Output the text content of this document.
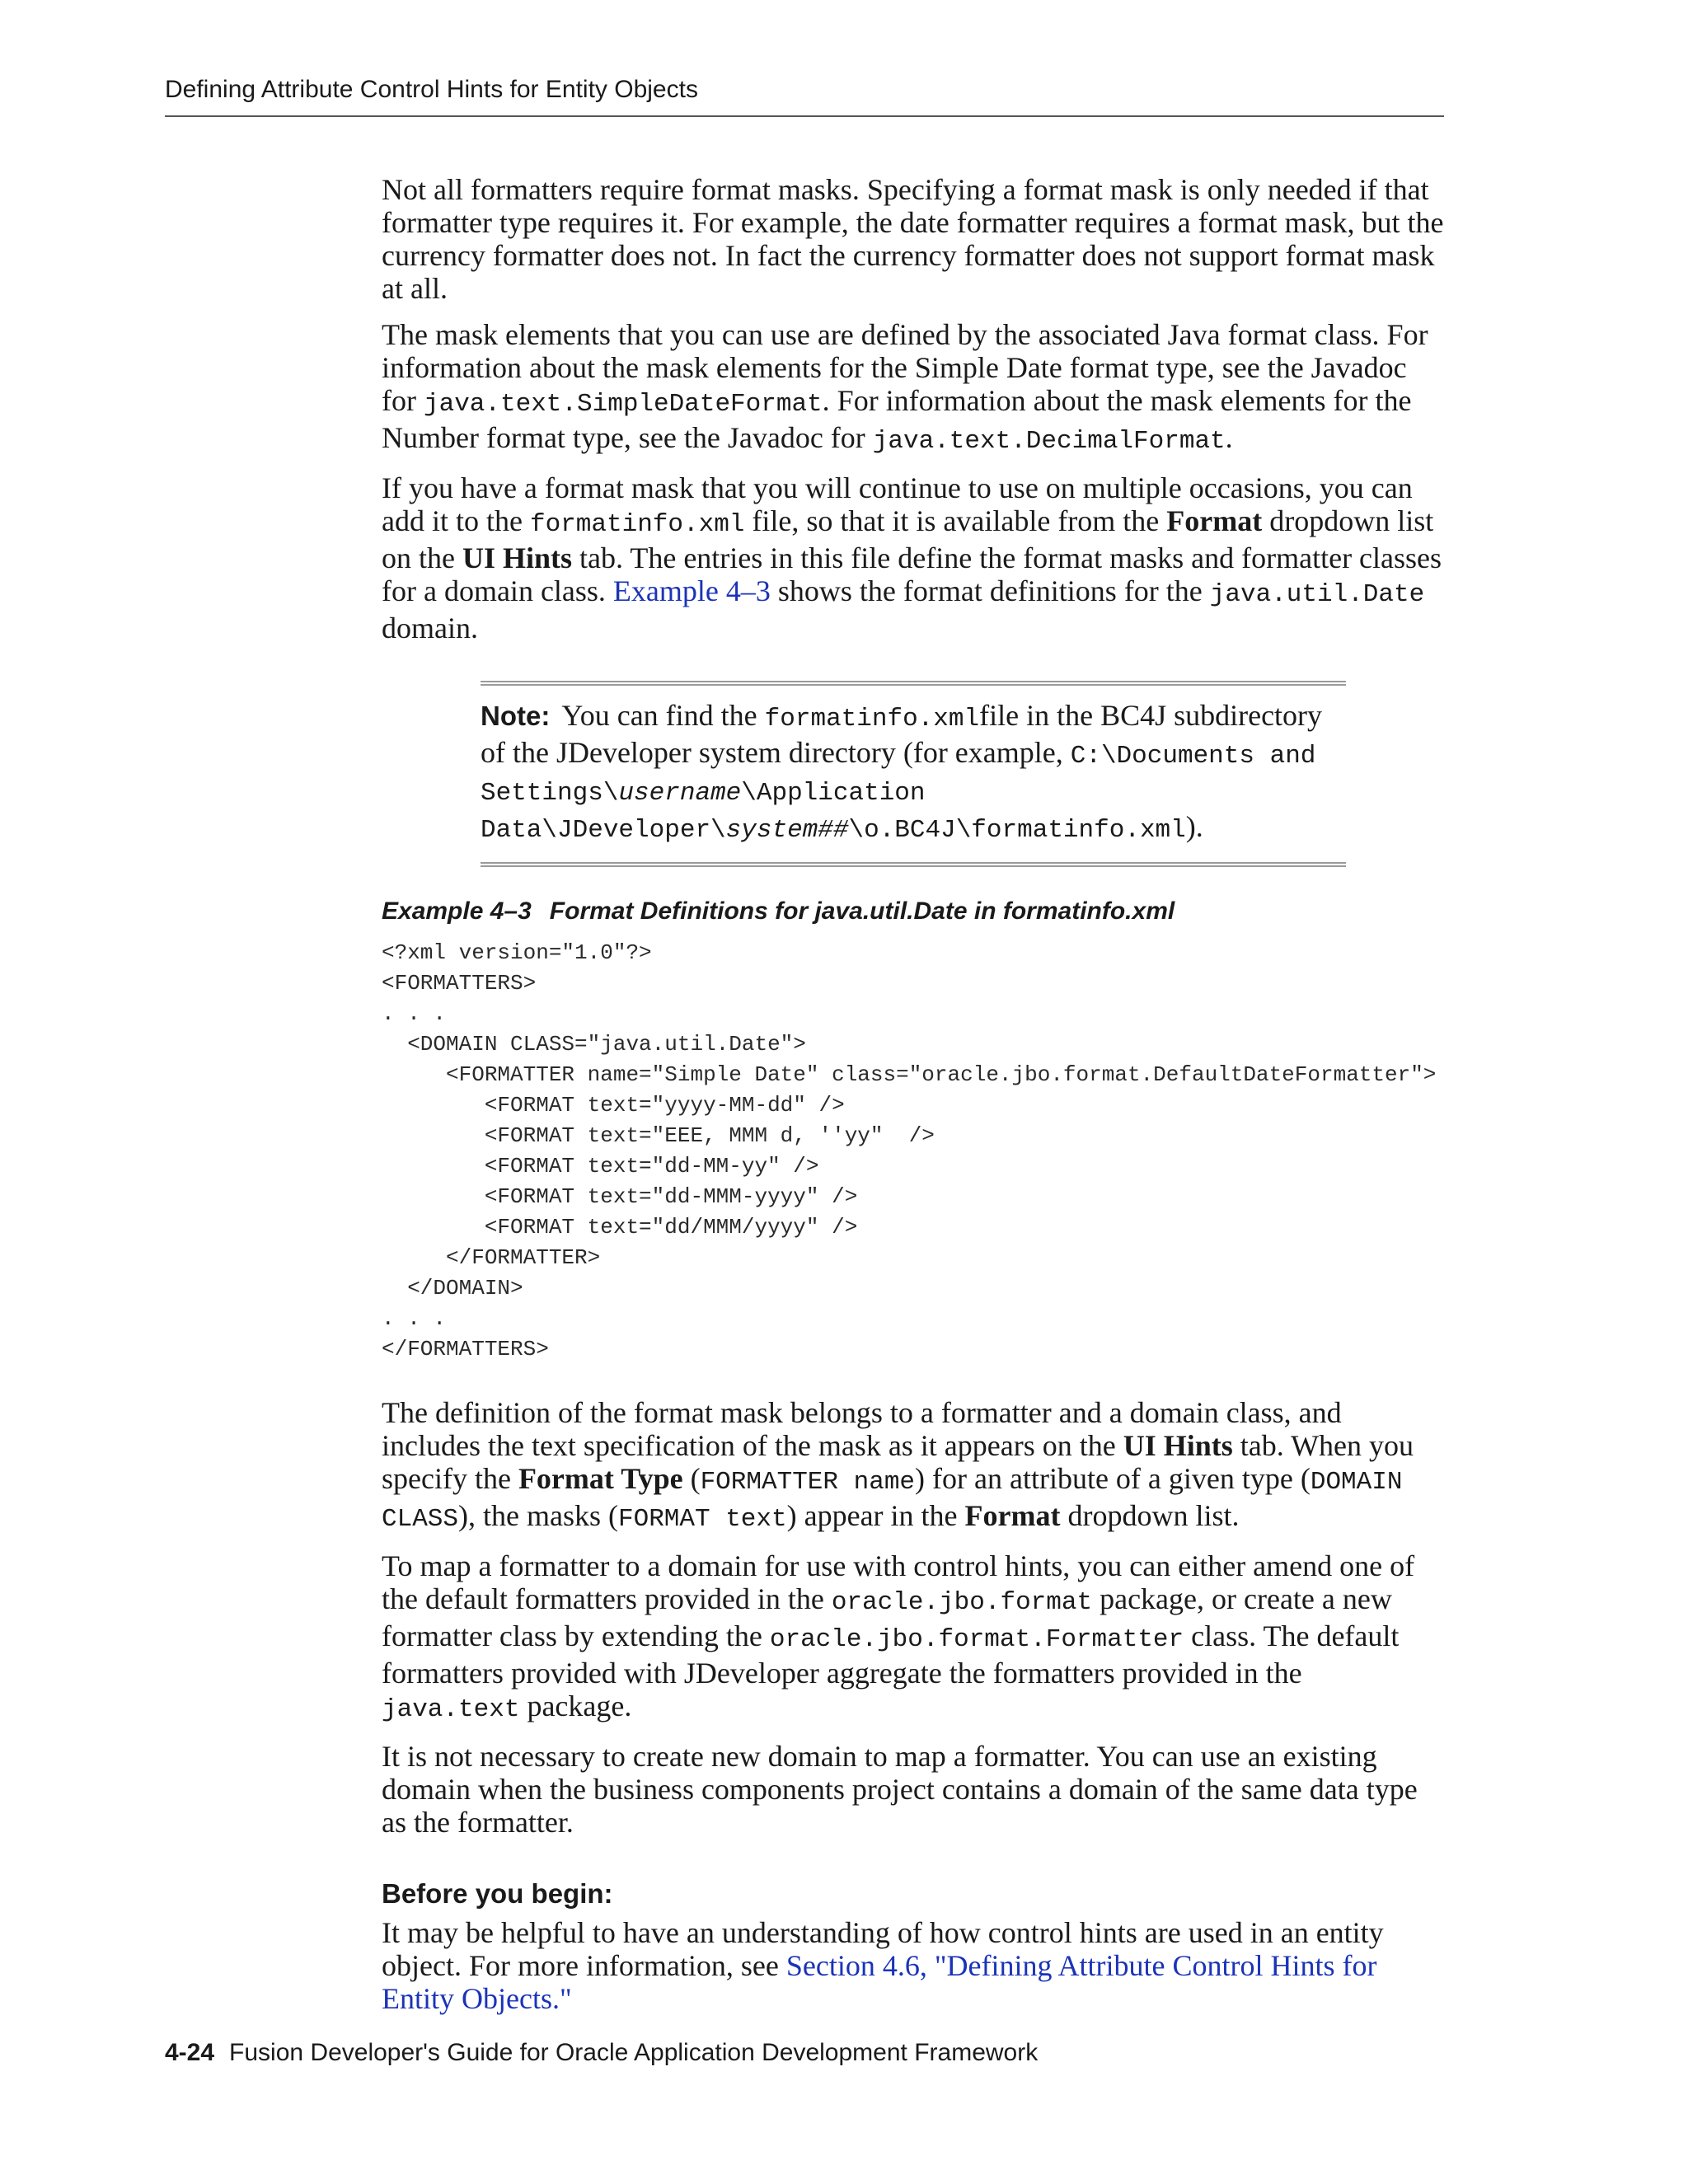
Defining Attribute Control Hints for Entity Objects

Not all formatters require format masks. Specifying a format mask is only needed if that formatter type requires it. For example, the date formatter requires a format mask, but the currency formatter does not. In fact the currency formatter does not support format mask at all.

The mask elements that you can use are defined by the associated Java format class. For information about the mask elements for the Simple Date format type, see the Javadoc for java.text.SimpleDateFormat. For information about the mask elements for the Number format type, see the Javadoc for java.text.DecimalFormat.

If you have a format mask that you will continue to use on multiple occasions, you can add it to the formatinfo.xml file, so that it is available from the Format dropdown list on the UI Hints tab. The entries in this file define the format masks and formatter classes for a domain class. Example 4–3 shows the format definitions for the java.util.Date domain.

Note: You can find the formatinfo.xmlfile in the BC4J subdirectory of the JDeveloper system directory (for example, C:\Documents and Settings\username\Application Data\JDeveloper\system##\o.BC4J\formatinfo.xml).
Example 4–3 Format Definitions for java.util.Date in formatinfo.xml
<?xml version="1.0"?>
<FORMATTERS>
. . .
<DOMAIN CLASS="java.util.Date">
<FORMATTER name="Simple Date" class="oracle.jbo.format.DefaultDateFormatter">
<FORMAT text="yyyy-MM-dd" />
<FORMAT text="EEE, MMM d, ''yy"  />
<FORMAT text="dd-MM-yy" />
<FORMAT text="dd-MMM-yyyy" />
<FORMAT text="dd/MMM/yyyy" />
</FORMATTER>
</DOMAIN>
. . .
</FORMATTERS>

The definition of the format mask belongs to a formatter and a domain class, and includes the text specification of the mask as it appears on the UI Hints tab. When you specify the Format Type (FORMATTER name) for an attribute of a given type (DOMAIN CLASS), the masks (FORMAT text) appear in the Format dropdown list.

To map a formatter to a domain for use with control hints, you can either amend one of the default formatters provided in the oracle.jbo.format package, or create a new formatter class by extending the oracle.jbo.format.Formatter class. The default formatters provided with JDeveloper aggregate the formatters provided in the java.text package.

It is not necessary to create new domain to map a formatter. You can use an existing domain when the business components project contains a domain of the same data type as the formatter.

Before you begin:

It may be helpful to have an understanding of how control hints are used in an entity object. For more information, see Section 4.6, "Defining Attribute Control Hints for Entity Objects."

4-24 Fusion Developer's Guide for Oracle Application Development Framework
